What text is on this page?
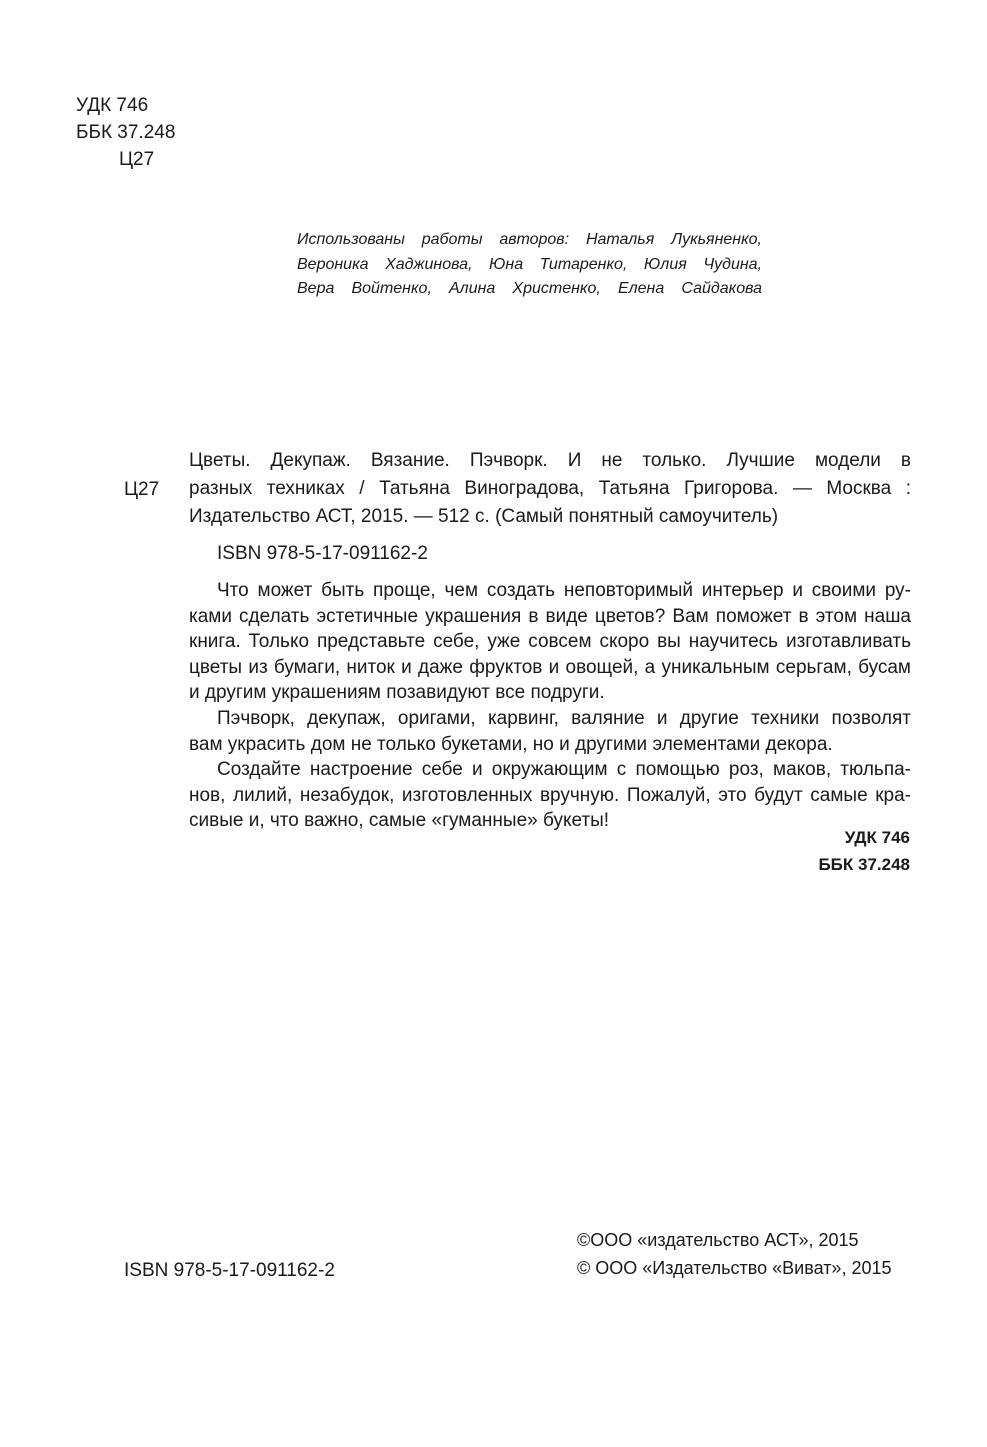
УДК 746
ББК 37.248
Ц27
Использованы работы авторов: Наталья Лукьяненко,
Вероника Хаджинова, Юна Титаренко, Юлия Чудина,
Вера Войтенко, Алина Христенко, Елена Сайдакова
Ц27
Цветы. Декупаж. Вязание. Пэчворк. И не только. Лучшие модели в
разных техниках / Татьяна Виноградова, Татьяна Григорова. — Москва :
Издательство АСТ, 2015. — 512 с. (Самый понятный самоучитель)
ISBN 978-5-17-091162-2
Что может быть проще, чем создать неповторимый интерьер и своими ру-
ками сделать эстетичные украшения в виде цветов? Вам поможет в этом наша
книга. Только представьте себе, уже совсем скоро вы научитесь изготавливать
цветы из бумаги, ниток и даже фруктов и овощей, а уникальным серьгам, бусам
и другим украшениям позавидуют все подруги.
Пэчворк, декупаж, оригами, карвинг, валяние и другие техники позволят
вам украсить дом не только букетами, но и другими элементами декора.
Создайте настроение себе и окружающим с помощью роз, маков, тюльпа-
нов, лилий, незабудок, изготовленных вручную. Пожалуй, это будут самые кра-
сивые и, что важно, самые «гуманные» букеты!
УДК 746
ББК 37.248
ISBN 978-5-17-091162-2
©ООО «издательство АСТ», 2015
© ООО «Издательство «Виват», 2015
